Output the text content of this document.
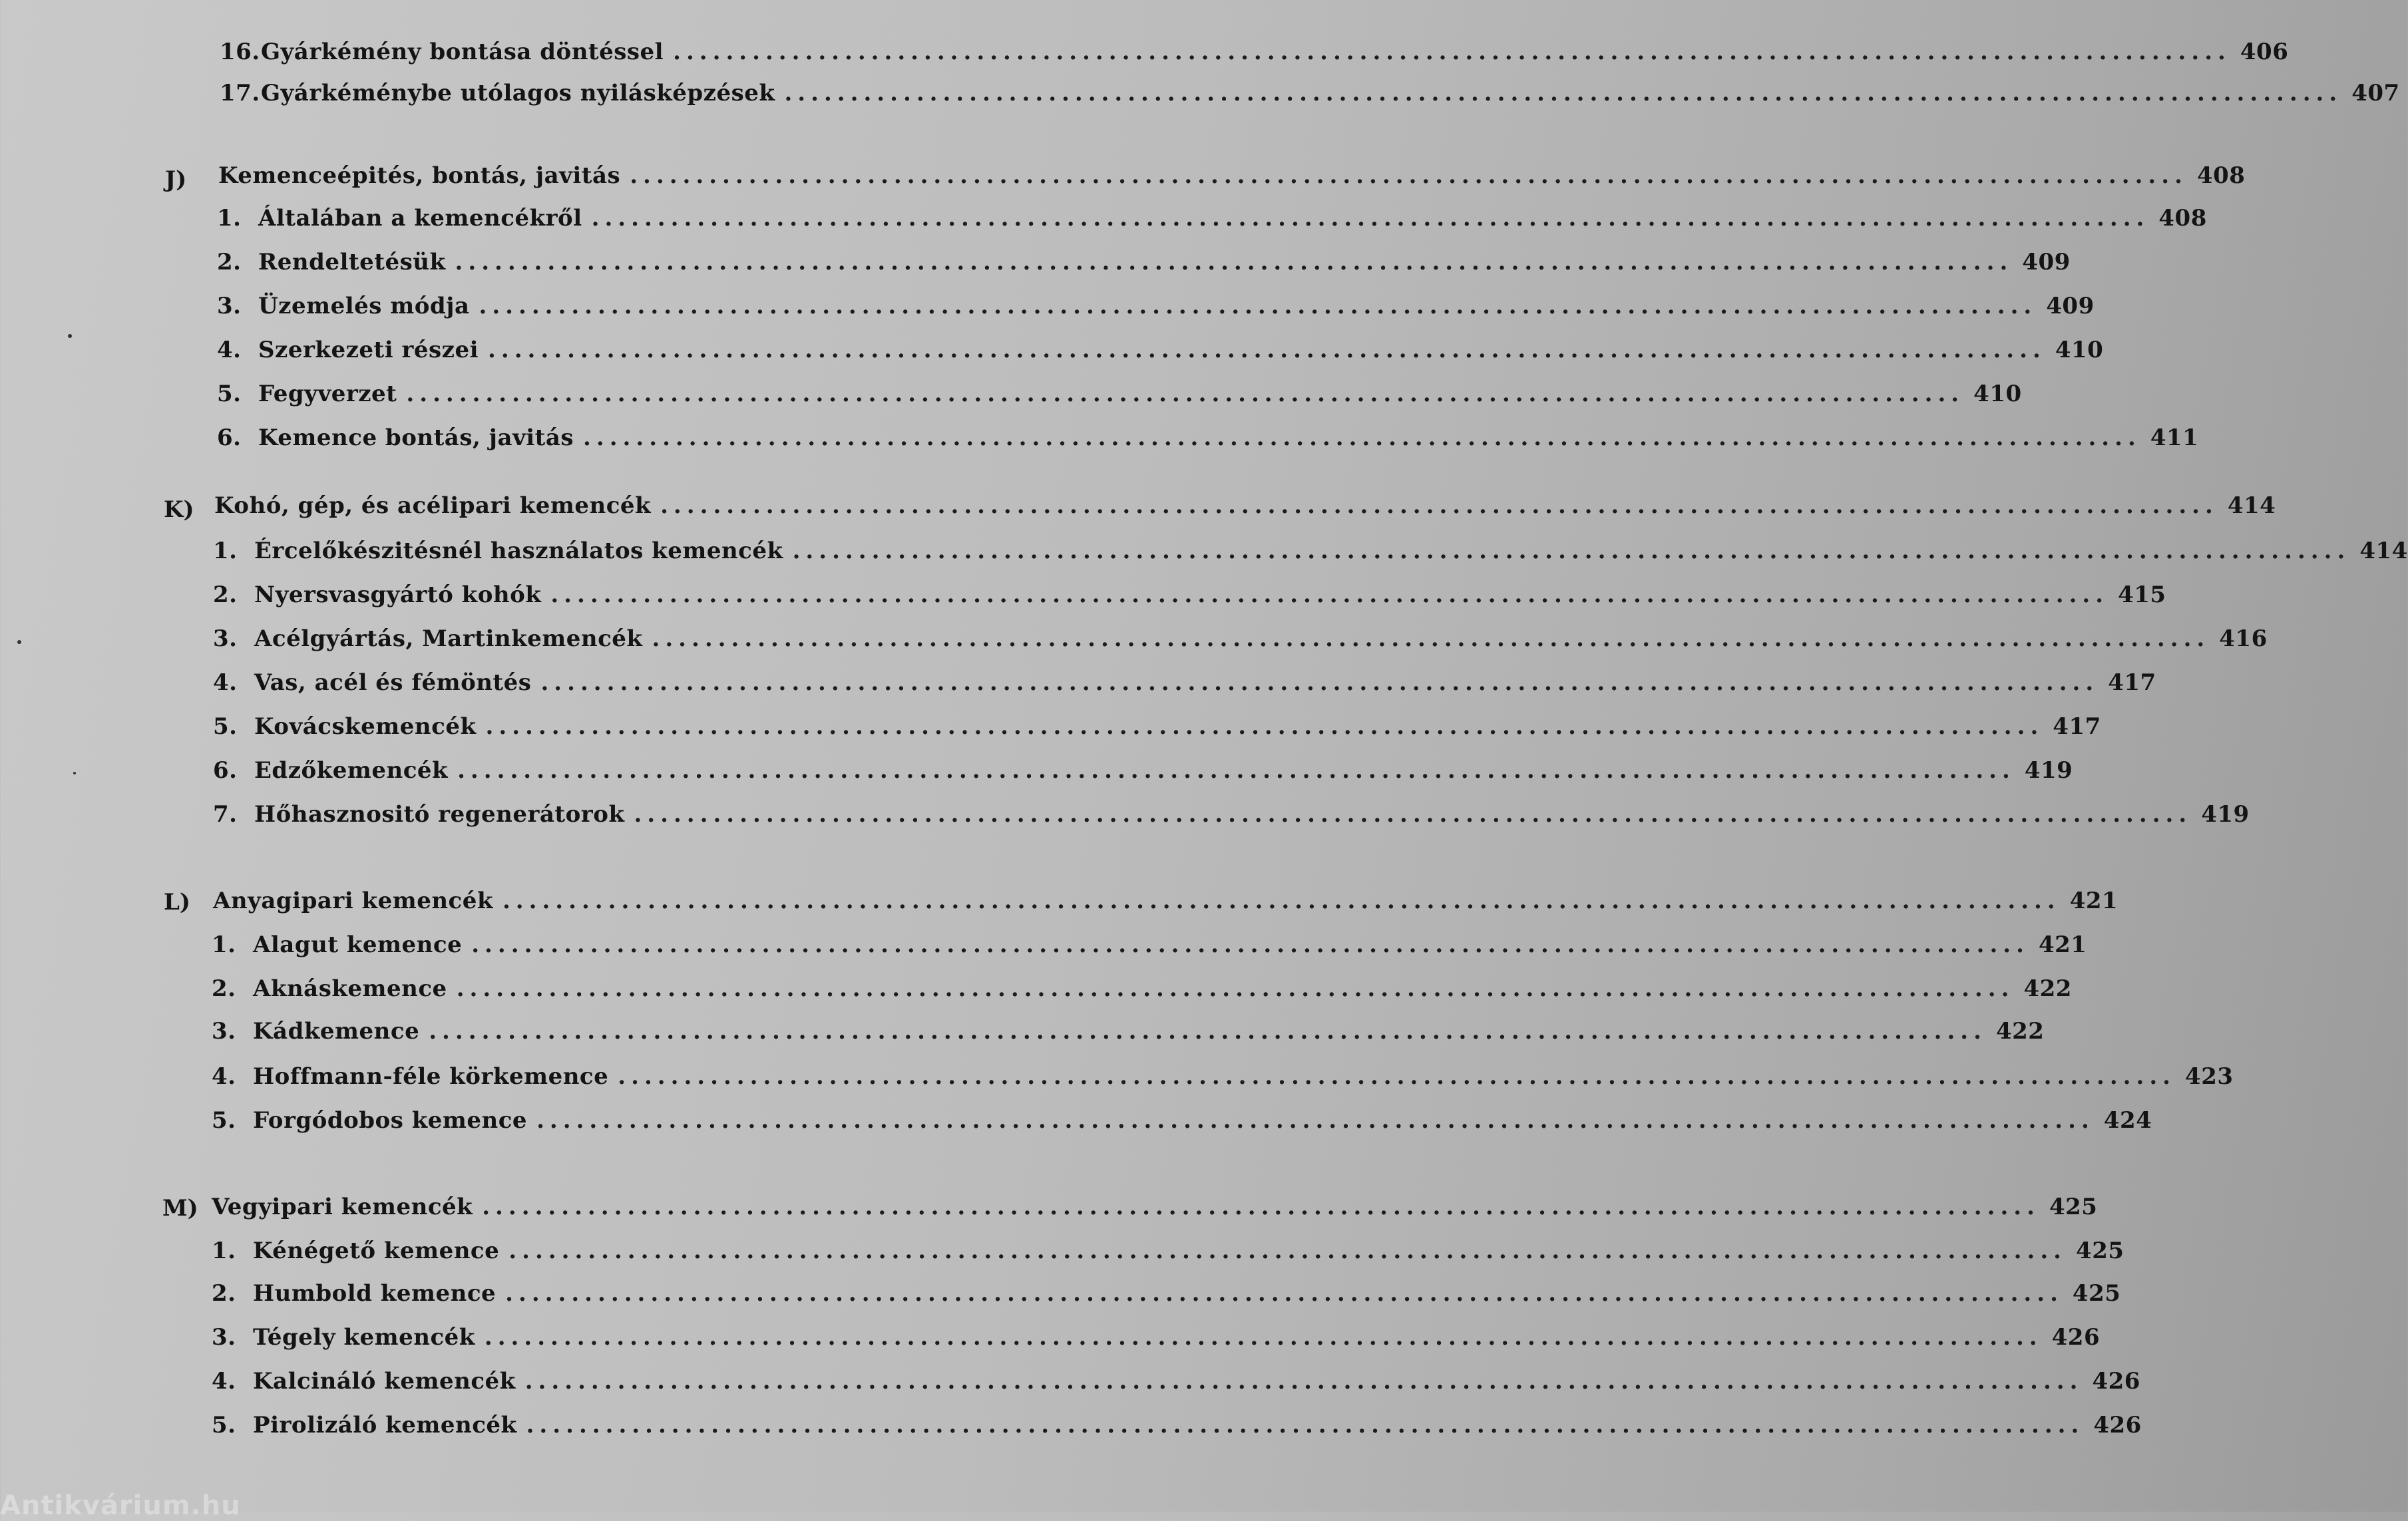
16. Gyárkémény bontása döntéssel ...................................................................................................................... 406
17. Gyárkéménybe utólagos nyilásképzések ...................................................................................................................... 407
J) Kemenceépités, bontás, javitás ...................................................................................................................... 408
1. Általában a kemencékről ...................................................................................................................... 408
2. Rendeltetésük ...................................................................................................................... 409
3. Üzemelés módja ...................................................................................................................... 409
4. Szerkezeti részei ...................................................................................................................... 410
5. Fegyverzet ...................................................................................................................... 410
6. Kemence bontás, javitás ...................................................................................................................... 411
K) Kohó, gép, és acélipari kemencék ...................................................................................................................... 414
1. Ércelőkészitésnél használatos kemencék ...................................................................................................................... 414
2. Nyersvasgyártó kohók ...................................................................................................................... 415
3. Acélgyártás, Martinkemencék ...................................................................................................................... 416
4. Vas, acél és fémöntés ...................................................................................................................... 417
5. Kovácskemencék ...................................................................................................................... 417
6. Edzőkemencék ...................................................................................................................... 419
7. Hőhasznositó regenerátorok ...................................................................................................................... 419
L) Anyagipari kemencék ...................................................................................................................... 421
1. Alagut kemence ...................................................................................................................... 421
2. Aknáskemence ...................................................................................................................... 422
3. Kádkemence ...................................................................................................................... 422
4. Hoffmann-féle körkemence ...................................................................................................................... 423
5. Forgódobos kemence ...................................................................................................................... 424
M) Vegyipari kemencék ...................................................................................................................... 425
1. Kénégető kemence ...................................................................................................................... 425
2. Humbold kemence ...................................................................................................................... 425
3. Tégely kemencék ...................................................................................................................... 426
4. Kalcináló kemencék ...................................................................................................................... 426
5. Pirolizáló kemencék ...................................................................................................................... 426
Antikvárium.hu
